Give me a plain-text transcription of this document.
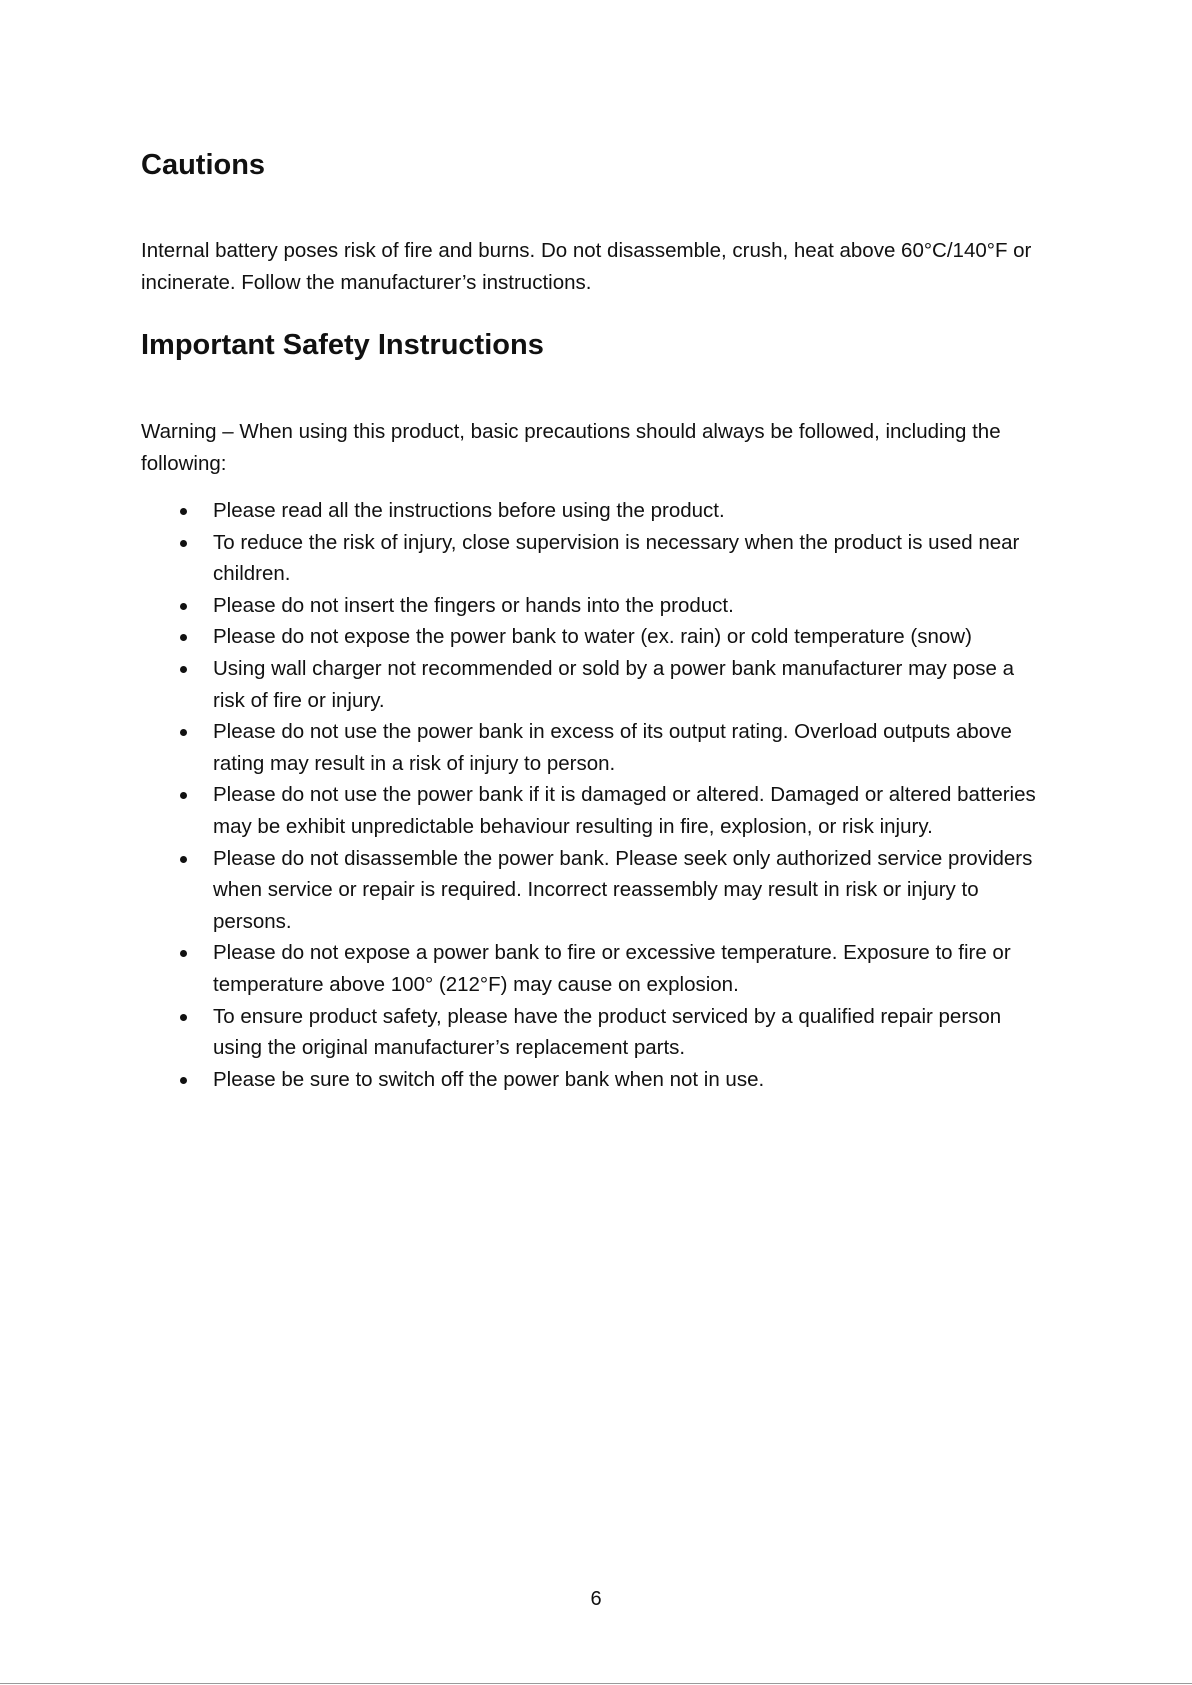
Cautions

Internal battery poses risk of fire and burns. Do not disassemble, crush, heat above 60°C/140°F or incinerate. Follow the manufacturer’s instructions.

Important Safety Instructions

Warning – When using this product, basic precautions should always be followed, including the following:

Please read all the instructions before using the product.
To reduce the risk of injury, close supervision is necessary when the product is used near children.
Please do not insert the fingers or hands into the product.
Please do not expose the power bank to water (ex. rain) or cold temperature (snow)
Using wall charger not recommended or sold by a power bank manufacturer may pose a risk of fire or injury.
Please do not use the power bank in excess of its output rating. Overload outputs above rating may result in a risk of injury to person.
Please do not use the power bank if it is damaged or altered. Damaged or altered batteries may be exhibit unpredictable behaviour resulting in fire, explosion, or risk injury.
Please do not disassemble the power bank. Please seek only authorized service providers when service or repair is required. Incorrect reassembly may result in risk or injury to persons.
Please do not expose a power bank to fire or excessive temperature. Exposure to fire or temperature above 100° (212°F) may cause on explosion.
To ensure product safety, please have the product serviced by a qualified repair person using the original manufacturer’s replacement parts.
Please be sure to switch off the power bank when not in use.
6
